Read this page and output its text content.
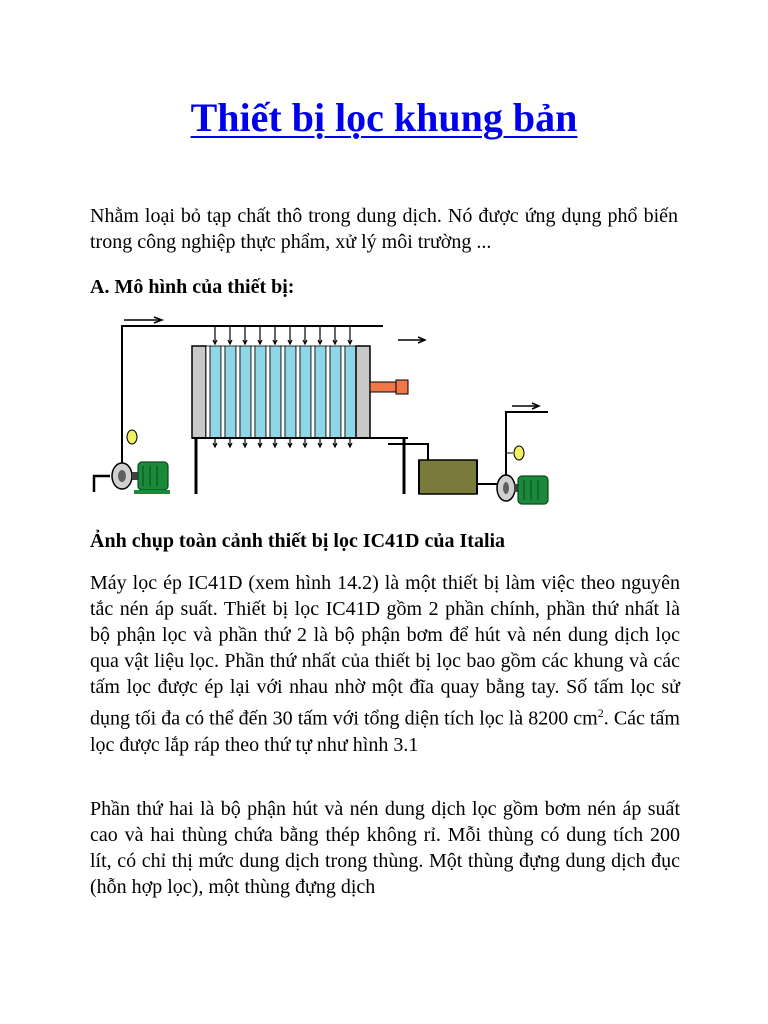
Thiết bị lọc khung bản

Nhằm loại bỏ tạp chất thô trong dung dịch. Nó được ứng dụng phổ biến trong công nghiệp thực phẩm, xử lý môi trường ...

A. Mô hình của thiết bị:

Ảnh chụp toàn cảnh thiết bị lọc IC41D của Italia

Máy lọc ép IC41D (xem hình 14.2) là một thiết bị làm việc theo nguyên tắc nén áp suất. Thiết bị lọc IC41D gồm 2 phần chính, phần thứ nhất là bộ phận lọc và phần thứ 2 là bộ phận bơm để hút và nén dung dịch lọc qua vật liệu lọc. Phần thứ nhất của thiết bị lọc bao gồm các khung và các tấm lọc được ép lại với nhau nhờ một đĩa quay bằng tay. Số tấm lọc sử dụng tối đa có thể đến 30 tấm với tổng diện tích lọc là 8200 $cm^2$. Các tấm lọc được lắp ráp theo thứ tự như hình 3.1

Phần thứ hai là bộ phận hút và nén dung dịch lọc gồm bơm nén áp suất cao và hai thùng chứa bằng thép không rỉ. Mỗi thùng có dung tích 200 lít, có chỉ thị mức dung dịch trong thùng. Một thùng đựng dung dịch đục (hỗn hợp lọc), một thùng đựng dịch
